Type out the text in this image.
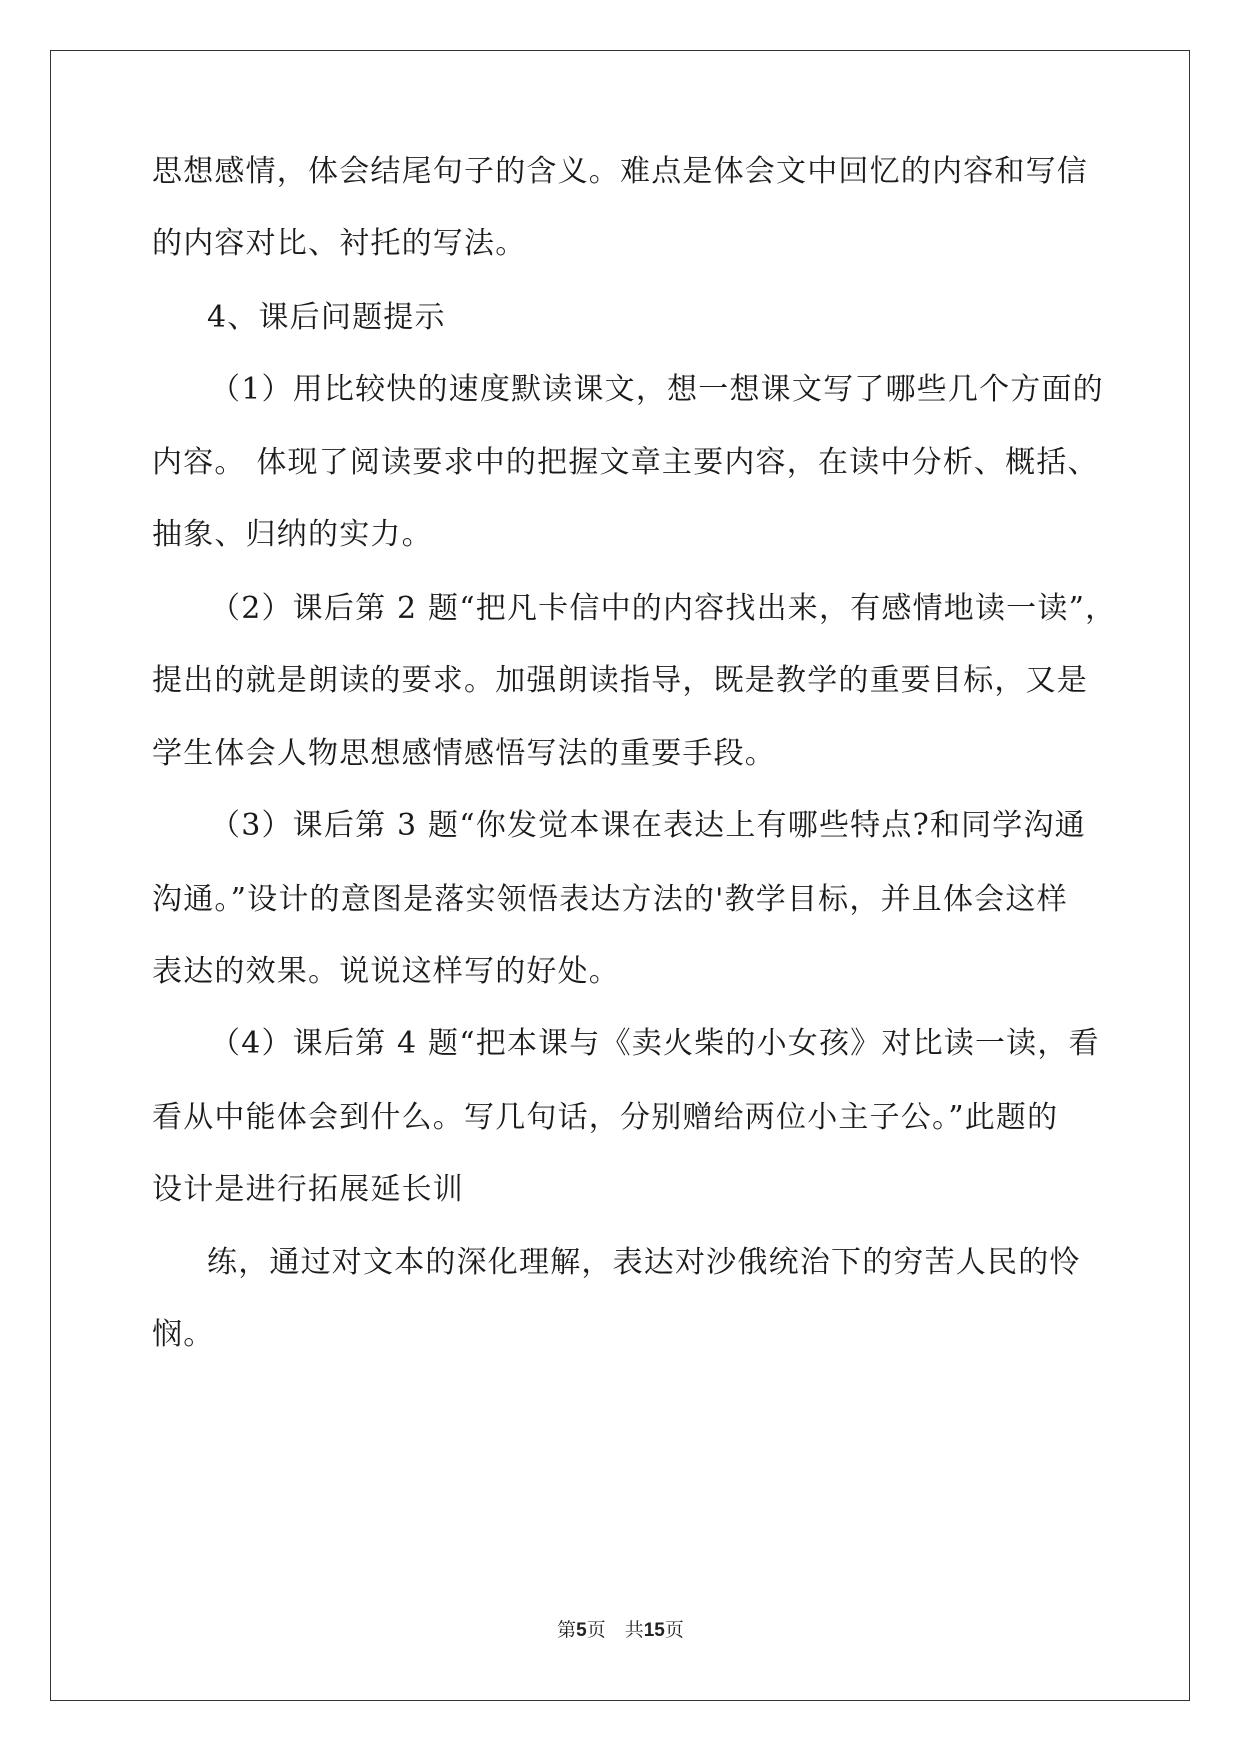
思想感情，体会结尾句子的含义。难点是体会文中回忆的内容和写信
的内容对比、衬托的写法。
4、课后问题提示
（1）用比较快的速度默读课文，想一想课文写了哪些几个方面的
内容。 体现了阅读要求中的把握文章主要内容，在读中分析、概括、
抽象、归纳的实力。
（2）课后第 2 题“把凡卡信中的内容找出来，有感情地读一读”，
提出的就是朗读的要求。加强朗读指导，既是教学的重要目标，又是
学生体会人物思想感情感悟写法的重要手段。
（3）课后第 3 题“你发觉本课在表达上有哪些特点?和同学沟通
沟通。”设计的意图是落实领悟表达方法的'教学目标，并且体会这样
表达的效果。说说这样写的好处。
（4）课后第 4 题“把本课与《卖火柴的小女孩》对比读一读，看
看从中能体会到什么。写几句话，分别赠给两位小主子公。”此题的
设计是进行拓展延长训
练，通过对文本的深化理解，表达对沙俄统治下的穷苦人民的怜
悯。
第5页　共15页
